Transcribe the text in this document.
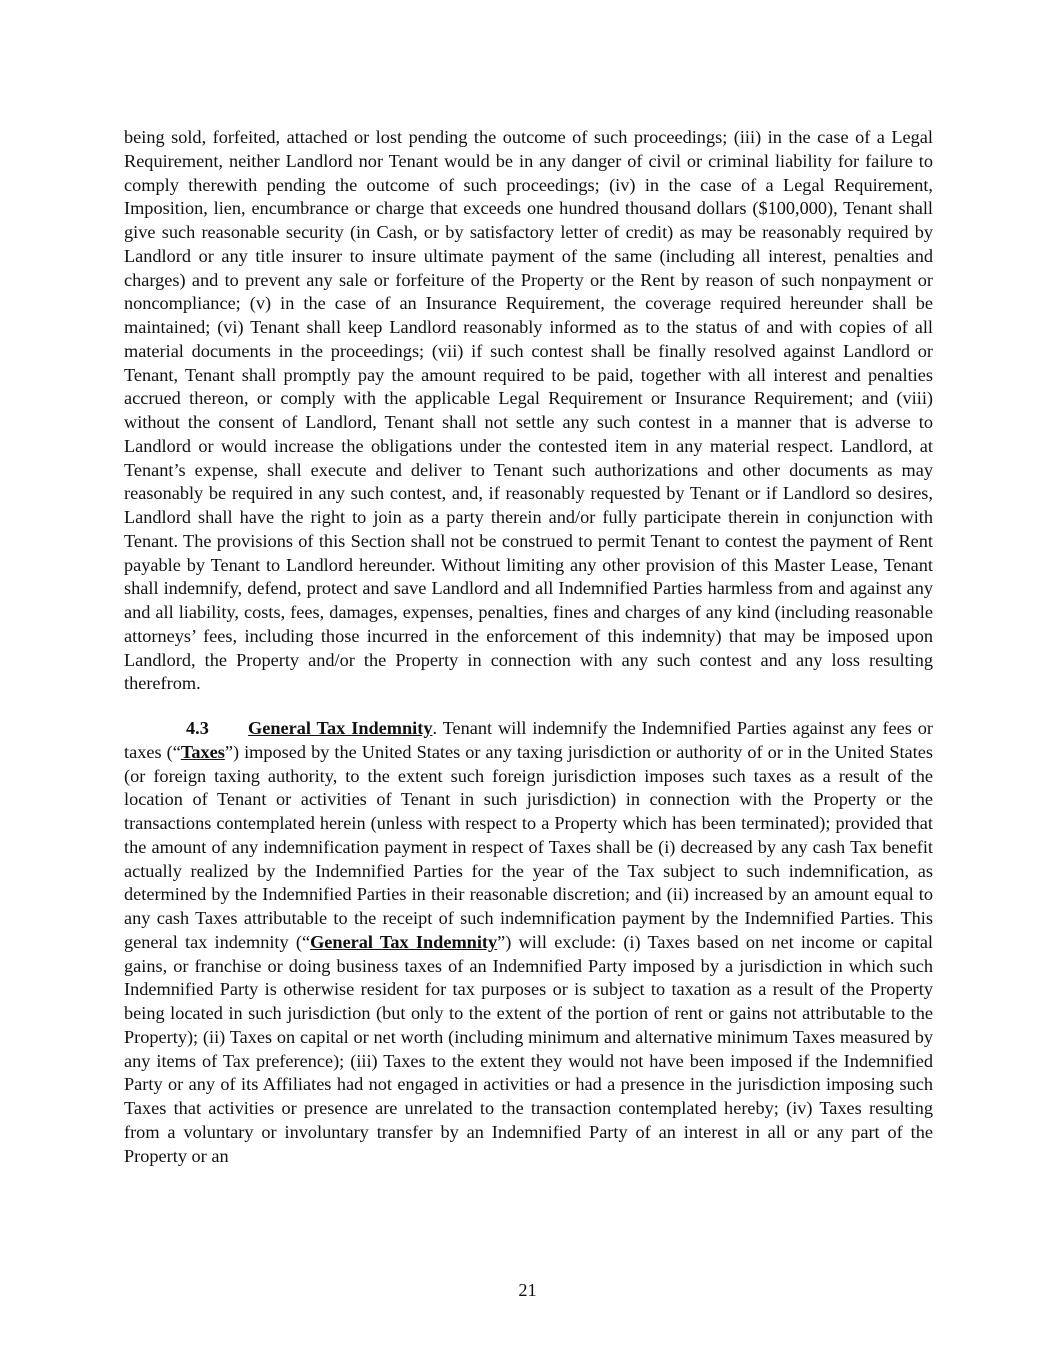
being sold, forfeited, attached or lost pending the outcome of such proceedings; (iii) in the case of a Legal Requirement, neither Landlord nor Tenant would be in any danger of civil or criminal liability for failure to comply therewith pending the outcome of such proceedings; (iv) in the case of a Legal Requirement, Imposition, lien, encumbrance or charge that exceeds one hundred thousand dollars ($100,000), Tenant shall give such reasonable security (in Cash, or by satisfactory letter of credit) as may be reasonably required by Landlord or any title insurer to insure ultimate payment of the same (including all interest, penalties and charges) and to prevent any sale or forfeiture of the Property or the Rent by reason of such nonpayment or noncompliance; (v) in the case of an Insurance Requirement, the coverage required hereunder shall be maintained; (vi) Tenant shall keep Landlord reasonably informed as to the status of and with copies of all material documents in the proceedings; (vii) if such contest shall be finally resolved against Landlord or Tenant, Tenant shall promptly pay the amount required to be paid, together with all interest and penalties accrued thereon, or comply with the applicable Legal Requirement or Insurance Requirement; and (viii) without the consent of Landlord, Tenant shall not settle any such contest in a manner that is adverse to Landlord or would increase the obligations under the contested item in any material respect. Landlord, at Tenant’s expense, shall execute and deliver to Tenant such authorizations and other documents as may reasonably be required in any such contest, and, if reasonably requested by Tenant or if Landlord so desires, Landlord shall have the right to join as a party therein and/or fully participate therein in conjunction with Tenant. The provisions of this Section shall not be construed to permit Tenant to contest the payment of Rent payable by Tenant to Landlord hereunder. Without limiting any other provision of this Master Lease, Tenant shall indemnify, defend, protect and save Landlord and all Indemnified Parties harmless from and against any and all liability, costs, fees, damages, expenses, penalties, fines and charges of any kind (including reasonable attorneys’ fees, including those incurred in the enforcement of this indemnity) that may be imposed upon Landlord, the Property and/or the Property in connection with any such contest and any loss resulting therefrom.

4.3 General Tax Indemnity. Tenant will indemnify the Indemnified Parties against any fees or taxes (“Taxes”) imposed by the United States or any taxing jurisdiction or authority of or in the United States (or foreign taxing authority, to the extent such foreign jurisdiction imposes such taxes as a result of the location of Tenant or activities of Tenant in such jurisdiction) in connection with the Property or the transactions contemplated herein (unless with respect to a Property which has been terminated); provided that the amount of any indemnification payment in respect of Taxes shall be (i) decreased by any cash Tax benefit actually realized by the Indemnified Parties for the year of the Tax subject to such indemnification, as determined by the Indemnified Parties in their reasonable discretion; and (ii) increased by an amount equal to any cash Taxes attributable to the receipt of such indemnification payment by the Indemnified Parties. This general tax indemnity (“General Tax Indemnity”) will exclude: (i) Taxes based on net income or capital gains, or franchise or doing business taxes of an Indemnified Party imposed by a jurisdiction in which such Indemnified Party is otherwise resident for tax purposes or is subject to taxation as a result of the Property being located in such jurisdiction (but only to the extent of the portion of rent or gains not attributable to the Property); (ii) Taxes on capital or net worth (including minimum and alternative minimum Taxes measured by any items of Tax preference); (iii) Taxes to the extent they would not have been imposed if the Indemnified Party or any of its Affiliates had not engaged in activities or had a presence in the jurisdiction imposing such Taxes that activities or presence are unrelated to the transaction contemplated hereby; (iv) Taxes resulting from a voluntary or involuntary transfer by an Indemnified Party of an interest in all or any part of the Property or an

21
